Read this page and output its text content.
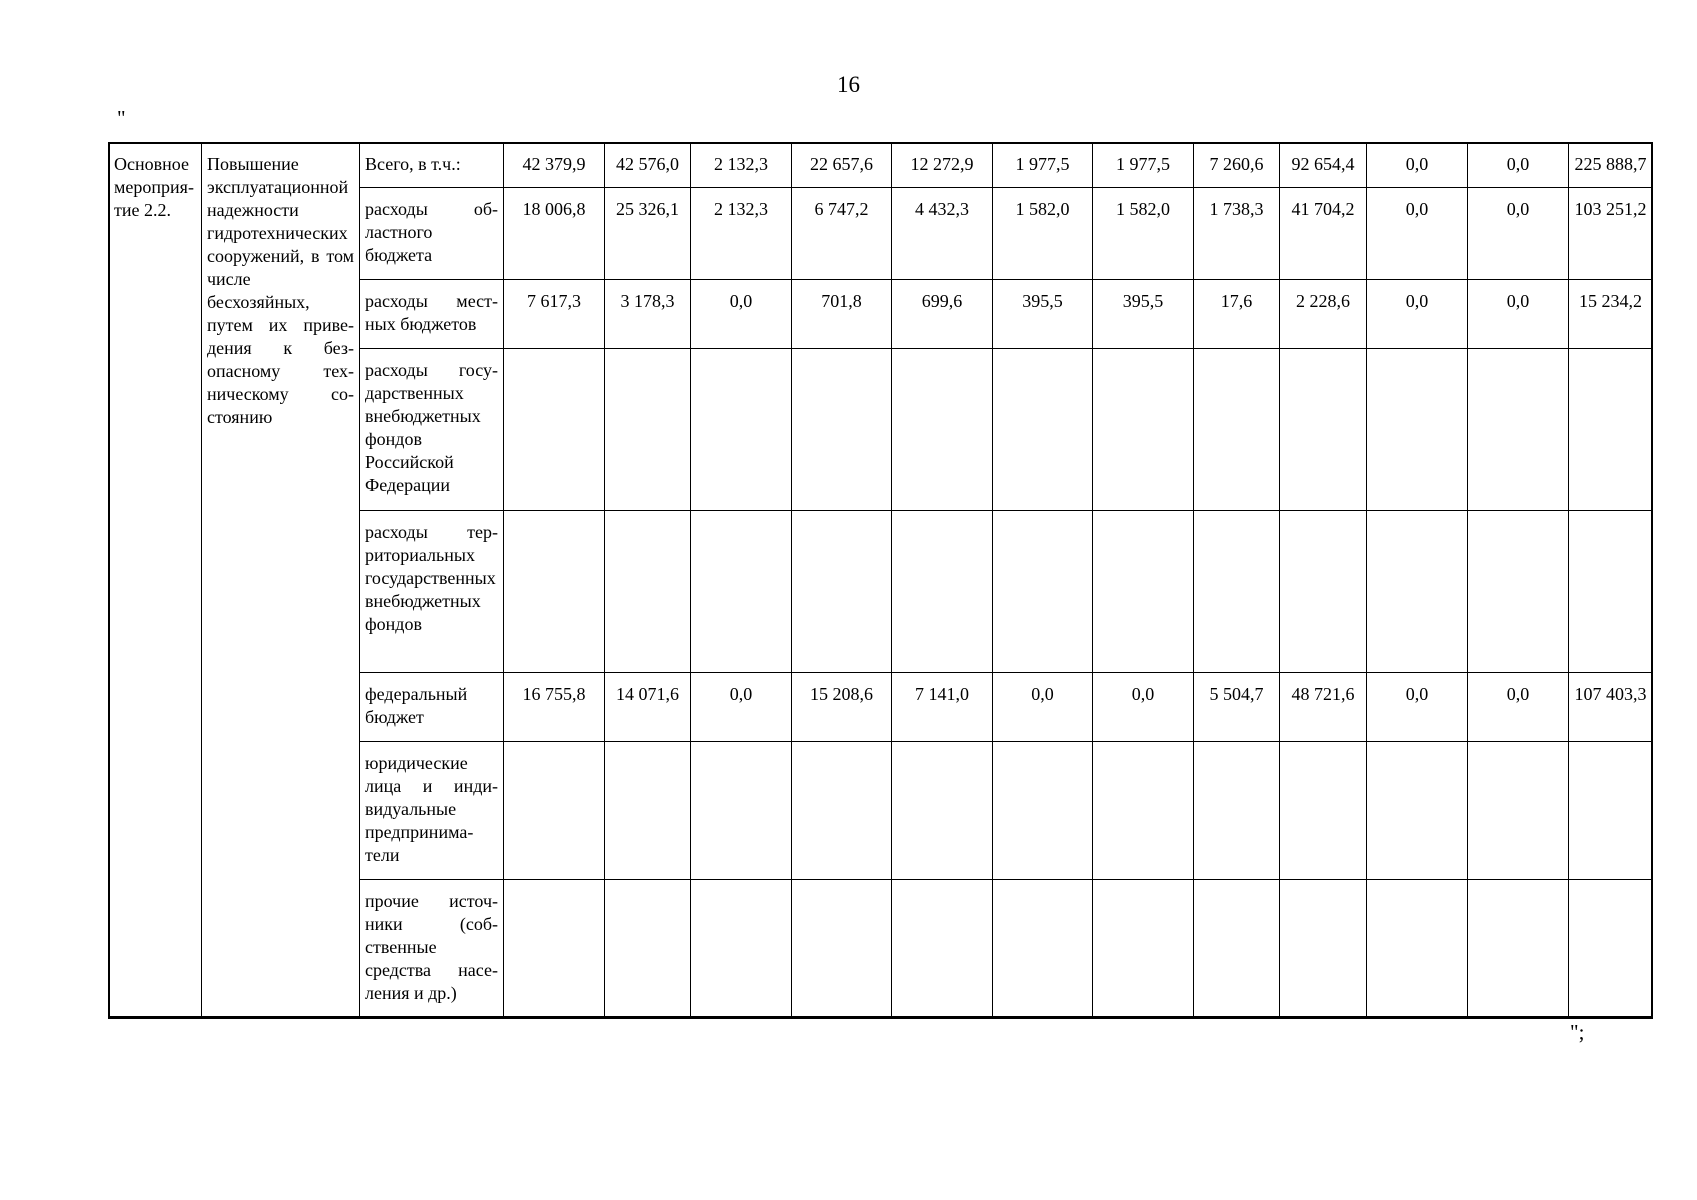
16
"
Основное мероприятие 2.2.	Повышение эксплуатационной надежности гидротехнических сооружений, в том числе бесхозяйных, путем их приведения к безопасному техническому состоянию	Всего, в т.ч.:	42 379,9	42 576,0	2 132,3	22 657,6	12 272,9	1 977,5	1 977,5	7 260,6	92 654,4	0,0	0,0	225 888,7
		расходы областного бюджета	18 006,8	25 326,1	2 132,3	6 747,2	4 432,3	1 582,0	1 582,0	1 738,3	41 704,2	0,0	0,0	103 251,2
		расходы местных бюджетов	7 617,3	3 178,3	0,0	701,8	699,6	395,5	395,5	17,6	2 228,6	0,0	0,0	15 234,2
		расходы государственных внебюджетных фондов Российской Федерации												
		расходы территориальных государственных внебюджетных фондов												
		федеральный бюджет	16 755,8	14 071,6	0,0	15 208,6	7 141,0	0,0	0,0	5 504,7	48 721,6	0,0	0,0	107 403,3
		юридические лица и индивидуальные предприниматели												
		прочие источники (собственные средства населения и др.)												
";
